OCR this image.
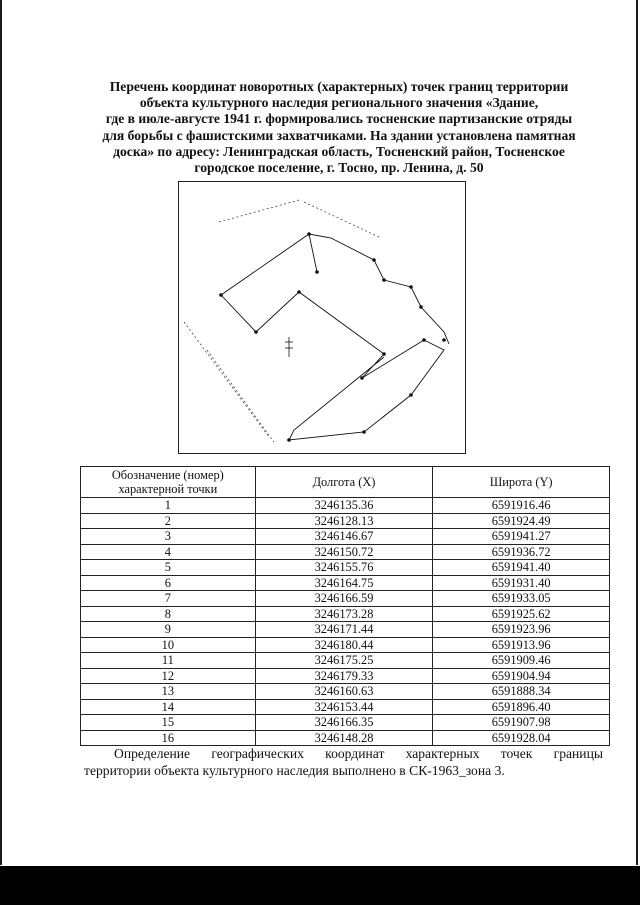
Перечень координат новоротных (характерных) точек границ территории
объекта культурного наследия регионального значения «Здание,
где в июле-августе 1941 г. формировались тосненские партизанские отряды
для борьбы с фашистскими захватчиками. На здании установлена памятная
доска» по адресу: Ленинградская область, Тосненский район, Тосненское
городское поселение, г. Тосно, пр. Ленина, д. 50
Обозначение (номер) характерной точки	Долгота (X)	Широта (Y)
1	3246135.36	6591916.46
2	3246128.13	6591924.49
3	3246146.67	6591941.27
4	3246150.72	6591936.72
5	3246155.76	6591941.40
6	3246164.75	6591931.40
7	3246166.59	6591933.05
8	3246173.28	6591925.62
9	3246171.44	6591923.96
10	3246180.44	6591913.96
11	3246175.25	6591909.46
12	3246179.33	6591904.94
13	3246160.63	6591888.34
14	3246153.44	6591896.40
15	3246166.35	6591907.98
16	3246148.28	6591928.04
Определение географических координат характерных точек границы
территории объекта культурного наследия выполнено в СК-1963_зона 3.
